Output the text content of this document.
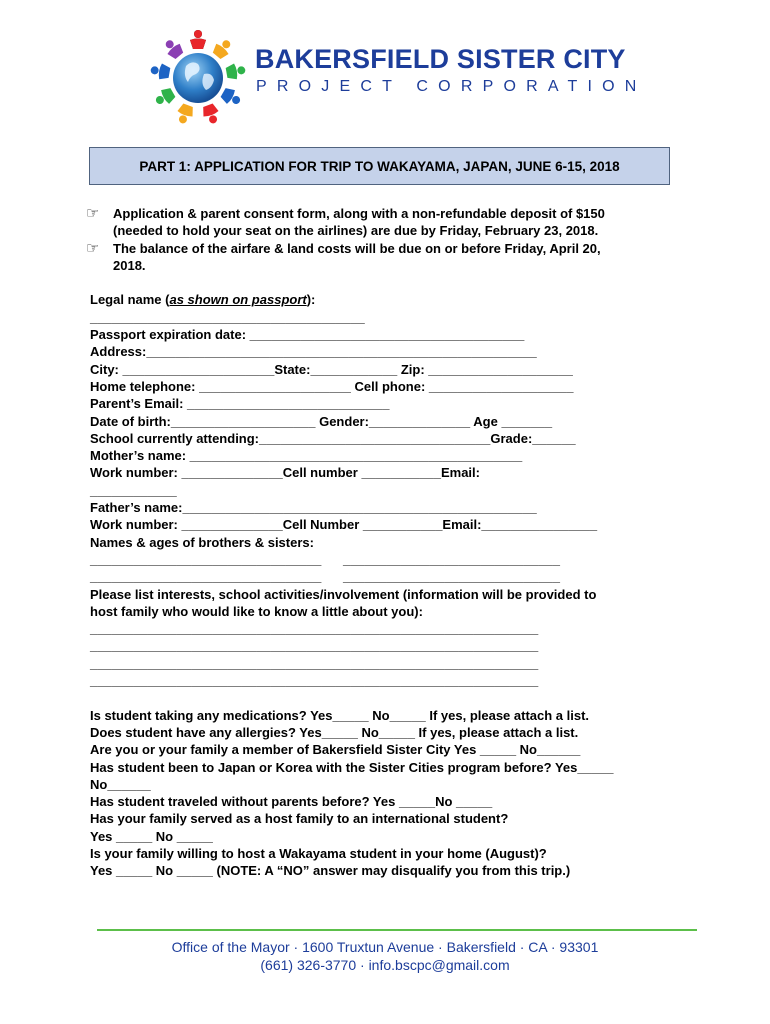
BAKERSFIELD SISTER CITY
PROJECT CORPORATION
PART 1: APPLICATION FOR TRIP TO WAKAYAMA, JAPAN, JUNE 6-15, 2018
☞ Application & parent consent form, along with a non-refundable deposit of $150
(needed to hold your seat on the airlines) are due by Friday, February 23, 2018.
☞ The balance of the airfare & land costs will be due on or before Friday, April 20,
2018.
Legal name (as shown on passport):
______________________________________
Passport expiration date: ______________________________________
Address:______________________________________________________
City: _____________________State:____________ Zip: ____________________
Home telephone: _____________________ Cell phone: ____________________
Parent’s Email: ____________________________
Date of birth:____________________ Gender:______________ Age _______
School currently attending:________________________________Grade:______
Mother’s name: ______________________________________________
Work number: ______________Cell number ___________Email:
____________
Father’s name:_________________________________________________
Work number: ______________Cell Number ___________Email:________________
Names & ages of brothers & sisters:
________________________________      ______________________________
________________________________      ______________________________
Please list interests, school activities/involvement (information will be provided to
host family who would like to know a little about you):
______________________________________________________________
______________________________________________________________
______________________________________________________________
______________________________________________________________
Is student taking any medications? Yes_____ No_____ If yes, please attach a list.
Does student have any allergies? Yes_____ No_____ If yes, please attach a list.
Are you or your family a member of Bakersfield Sister City Yes _____ No______
Has student been to Japan or Korea with the Sister Cities program before? Yes_____
No______
Has student traveled without parents before? Yes _____No _____
Has your family served as a host family to an international student?
Yes _____ No _____
Is your family willing to host a Wakayama student in your home (August)?
Yes _____ No _____ (NOTE: A “NO” answer may disqualify you from this trip.)
Office of the Mayor · 1600 Truxtun Avenue · Bakersfield · CA · 93301
(661) 326-3770 · info.bscpc@gmail.com
